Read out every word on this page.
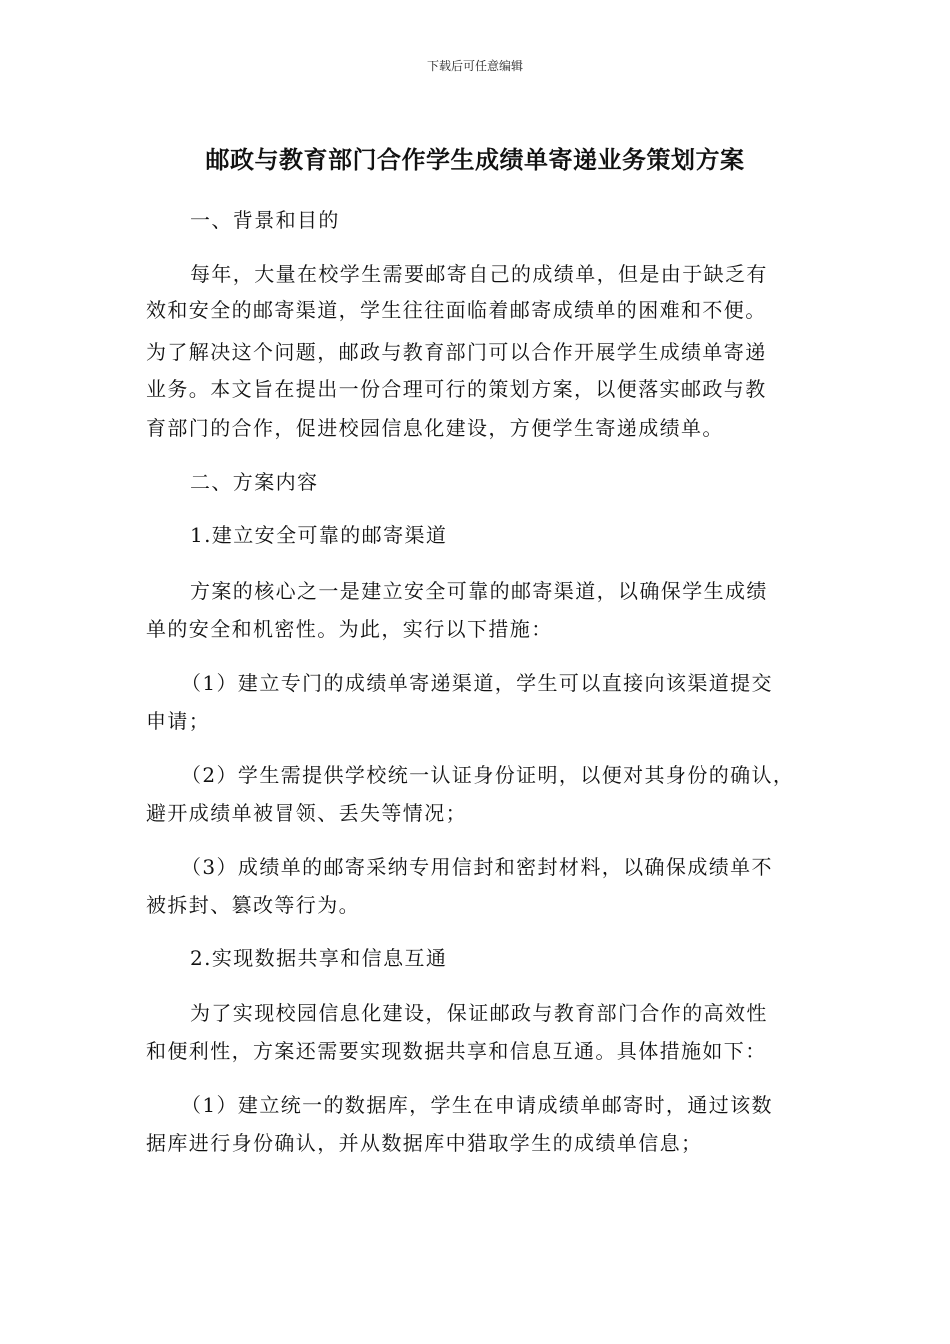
下载后可任意编辑
邮政与教育部门合作学生成绩单寄递业务策划方案
一、背景和目的
每年，大量在校学生需要邮寄自己的成绩单，但是由于缺乏有
效和安全的邮寄渠道，学生往往面临着邮寄成绩单的困难和不便。
为了解决这个问题，邮政与教育部门可以合作开展学生成绩单寄递
业务。本文旨在提出一份合理可行的策划方案，以便落实邮政与教
育部门的合作，促进校园信息化建设，方便学生寄递成绩单。
二、方案内容
1.建立安全可靠的邮寄渠道
方案的核心之一是建立安全可靠的邮寄渠道，以确保学生成绩
单的安全和机密性。为此，实行以下措施：
（1）建立专门的成绩单寄递渠道，学生可以直接向该渠道提交
申请；
（2）学生需提供学校统一认证身份证明，以便对其身份的确认，
避开成绩单被冒领、丢失等情况；
（3）成绩单的邮寄采纳专用信封和密封材料，以确保成绩单不
被拆封、篡改等行为。
2.实现数据共享和信息互通
为了实现校园信息化建设，保证邮政与教育部门合作的高效性
和便利性，方案还需要实现数据共享和信息互通。具体措施如下：
（1）建立统一的数据库，学生在申请成绩单邮寄时，通过该数
据库进行身份确认，并从数据库中猎取学生的成绩单信息；
